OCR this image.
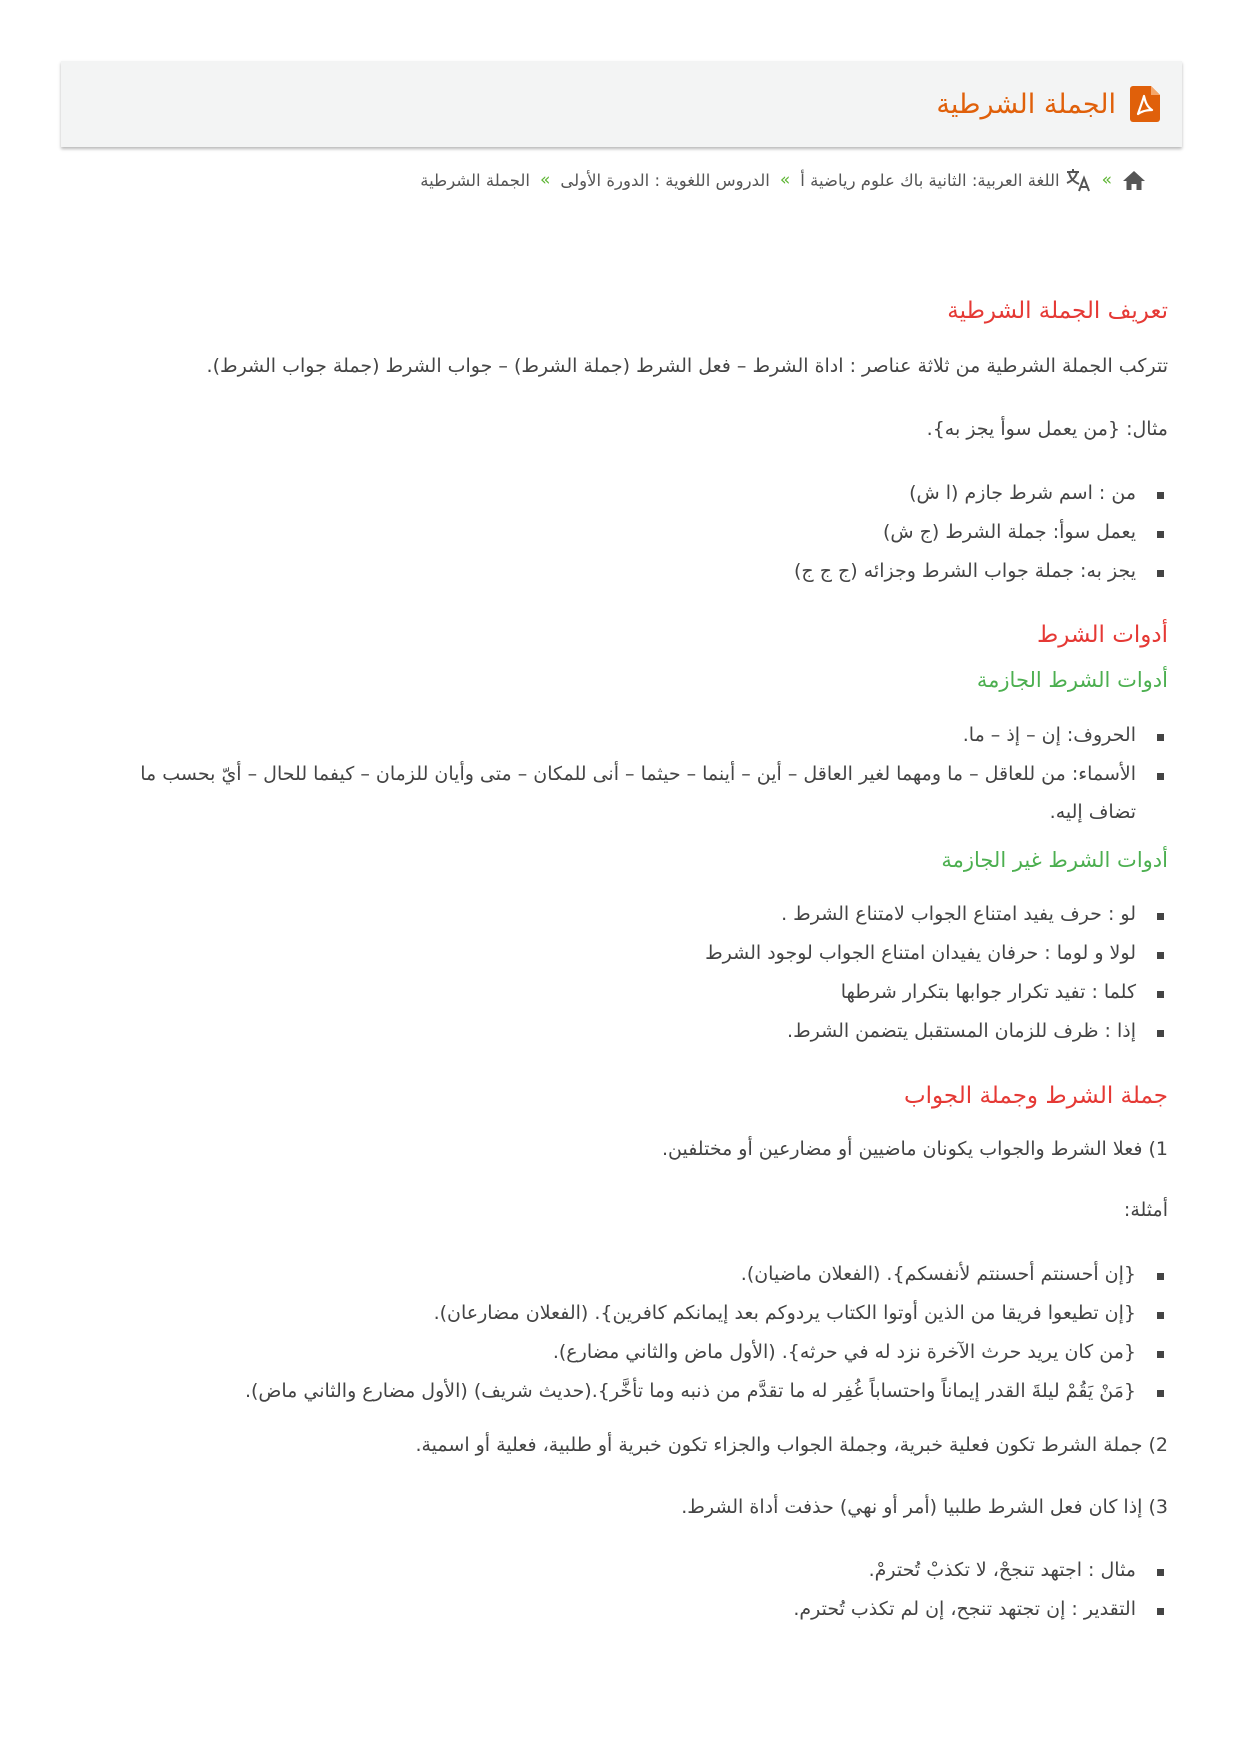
الجملة الشرطية
»
اللغة العربية: الثانية باك علوم رياضية أ
»
الدروس اللغوية : الدورة الأولى
»
الجملة الشرطية
تعريف الجملة الشرطية

تتركب الجملة الشرطية من ثلاثة عناصر : اداة الشرط – فعل الشرط (جملة الشرط) – جواب الشرط (جملة جواب الشرط).

مثال: {من يعمل سوأ يجز به}.

من : اسم شرط جازم (ا ش)
يعمل سوأ: جملة الشرط (ج ش)
يجز به: جملة جواب الشرط وجزائه (ج ج ج)
أدوات الشرط
أدوات الشرط الجازمة
الحروف: إن – إذ – ما.
الأسماء: من للعاقل – ما ومهما لغير العاقل – أين – أينما – حيثما – أنى للمكان – متى وأيان للزمان – كيفما للحال – أيّ بحسب ما تضاف إليه.
أدوات الشرط غير الجازمة
لو : حرف يفيد امتناع الجواب لامتناع الشرط .
لولا و لوما : حرفان يفيدان امتناع الجواب لوجود الشرط
كلما : تفيد تكرار جوابها بتكرار شرطها
إذا : ظرف للزمان المستقبل يتضمن الشرط.
جملة الشرط وجملة الجواب

1) فعلا الشرط والجواب يكونان ماضيين أو مضارعين أو مختلفين.

أمثلة:

{إن أحسنتم أحسنتم لأنفسكم}. (الفعلان ماضيان).
{إن تطيعوا فريقا من الذين أوتوا الكتاب يردوكم بعد إيمانكم كافرين}. (الفعلان مضارعان).
{من كان يريد حرث الآخرة نزد له في حرثه}. (الأول ماض والثاني مضارع).
{مَنْ يَقُمْ ليلةَ القدر إيماناً واحتساباً غُفِر له ما تقدَّم من ذنبه وما تأخَّر}.(حديث شريف) (الأول مضارع والثاني ماض).

2) جملة الشرط تكون فعلية خبرية، وجملة الجواب والجزاء تكون خبرية أو طلبية، فعلية أو اسمية.

3) إذا كان فعل الشرط طلبيا (أمر أو نهي) حذفت أداة الشرط.

مثال : اجتهد تنجحْ، لا تكذبْ تُحترمْ.
التقدير : إن تجتهد تنجح، إن لم تكذب تُحترم.
